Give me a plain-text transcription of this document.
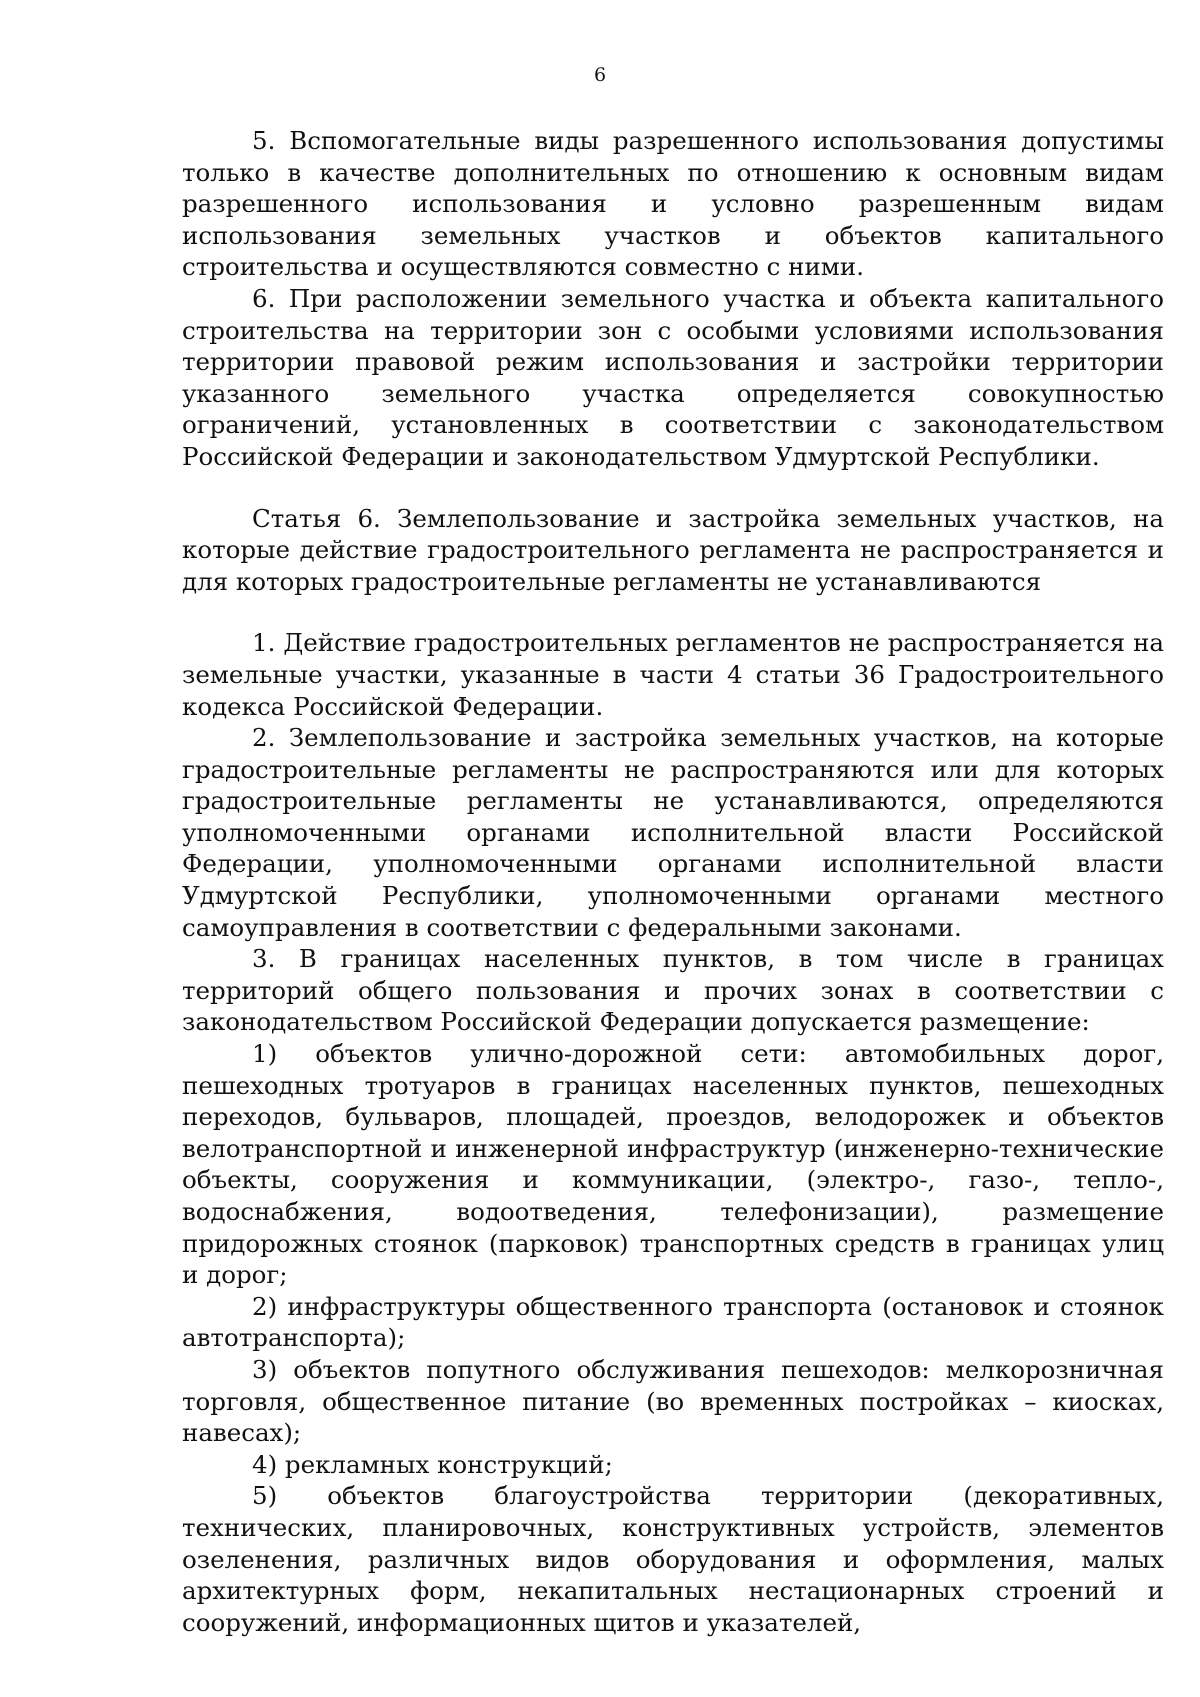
6

5. Вспомогательные виды разрешенного использования допустимы только в качестве дополнительных по отношению к основным видам разрешенного использования и условно разрешенным видам использования земельных участков и объектов капитального строительства и осуществляются совместно с ними.

6. При расположении земельного участка и объекта капитального строительства на территории зон с особыми условиями использования территории правовой режим использования и застройки территории указанного земельного участка определяется совокупностью ограничений, установленных в соответствии с законодательством Российской Федерации и законодательством Удмуртской Республики.

Статья 6. Землепользование и застройка земельных участков, на которые действие градостроительного регламента не распространяется и для которых градостроительные регламенты не устанавливаются

1. Действие градостроительных регламентов не распространяется на земельные участки, указанные в части 4 статьи 36 Градостроительного кодекса Российской Федерации.

2. Землепользование и застройка земельных участков, на которые градостроительные регламенты не распространяются или для которых градостроительные регламенты не устанавливаются, определяются уполномоченными органами исполнительной власти Российской Федерации, уполномоченными органами исполнительной власти Удмуртской Республики, уполномоченными органами местного самоуправления в соответствии с федеральными законами.

3. В границах населенных пунктов, в том числе в границах территорий общего пользования и прочих зонах в соответствии с законодательством Российской Федерации допускается размещение:

1) объектов улично-дорожной сети: автомобильных дорог, пешеходных тротуаров в границах населенных пунктов, пешеходных переходов, бульваров, площадей, проездов, велодорожек и объектов велотранспортной и инженерной инфраструктур (инженерно-технические объекты, сооружения и коммуникации, (электро-, газо-, тепло-, водоснабжения, водоотведения, телефонизации), размещение придорожных стоянок (парковок) транспортных средств в границах улиц и дорог;

2) инфраструктуры общественного транспорта (остановок и стоянок автотранспорта);

3) объектов попутного обслуживания пешеходов: мелкорозничная торговля, общественное питание (во временных постройках – киосках, навесах);

4) рекламных конструкций;

5) объектов благоустройства территории (декоративных, технических, планировочных, конструктивных устройств, элементов озеленения, различных видов оборудования и оформления, малых архитектурных форм, некапитальных нестационарных строений и сооружений, информационных щитов и указателей,
